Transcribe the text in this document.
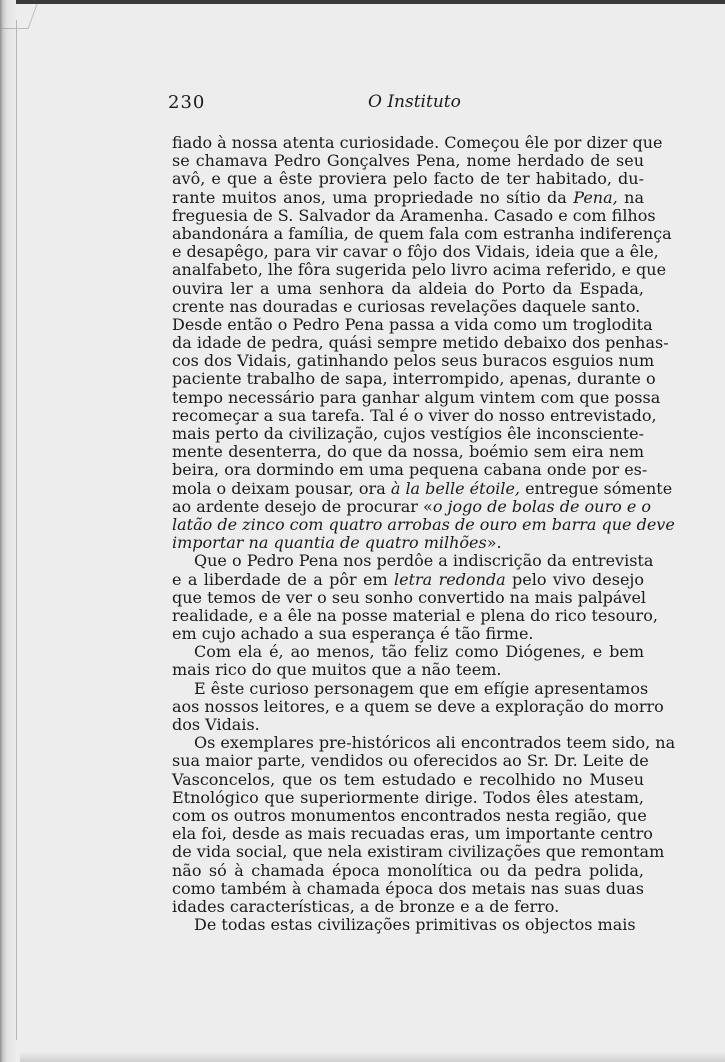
230	O Instituto
fiado à nossa atenta curiosidade. Começou êle por dizer que
se chamava Pedro Gonçalves Pena, nome herdado de seu
avô, e que a êste proviera pelo facto de ter habitado, du-
rante muitos anos, uma propriedade no sítio da Pena, na
freguesia de S. Salvador da Aramenha. Casado e com filhos
abandonára a família, de quem fala com estranha indiferença
e desapêgo, para vir cavar o fôjo dos Vidais, ideia que a êle,
analfabeto, lhe fôra sugerida pelo livro acima referido, e que
ouvira ler a uma senhora da aldeia do Porto da Espada,
crente nas douradas e curiosas revelações daquele santo.
Desde então o Pedro Pena passa a vida como um troglodita
da idade de pedra, quási sempre metido debaixo dos penhas-
cos dos Vidais, gatinhando pelos seus buracos esguios num
paciente trabalho de sapa, interrompido, apenas, durante o
tempo necessário para ganhar algum vintem com que possa
recomeçar a sua tarefa. Tal é o viver do nosso entrevistado,
mais perto da civilização, cujos vestígios êle inconsciente-
mente desenterra, do que da nossa, boémio sem eira nem
beira, ora dormindo em uma pequena cabana onde por es-
mola o deixam pousar, ora à la belle étoile, entregue sómente
ao ardente desejo de procurar «o jogo de bolas de ouro e o
latão de zinco com quatro arrobas de ouro em barra que deve
importar na quantia de quatro milhões».
Que o Pedro Pena nos perdôe a indiscrição da entrevista
e a liberdade de a pôr em letra redonda pelo vivo desejo
que temos de ver o seu sonho convertido na mais palpável
realidade, e a êle na posse material e plena do rico tesouro,
em cujo achado a sua esperança é tão firme.
Com ela é, ao menos, tão feliz como Diógenes, e bem
mais rico do que muitos que a não teem.
E êste curioso personagem que em efígie apresentamos
aos nossos leitores, e a quem se deve a exploração do morro
dos Vidais.
Os exemplares pre-históricos ali encontrados teem sido, na
sua maior parte, vendidos ou oferecidos ao Sr. Dr. Leite de
Vasconcelos, que os tem estudado e recolhido no Museu
Etnológico que superiormente dirige. Todos êles atestam,
com os outros monumentos encontrados nesta região, que
ela foi, desde as mais recuadas eras, um importante centro
de vida social, que nela existiram civilizações que remontam
não só à chamada época monolítica ou da pedra polida,
como também à chamada época dos metais nas suas duas
idades características, a de bronze e a de ferro.
De todas estas civilizações primitivas os objectos mais
